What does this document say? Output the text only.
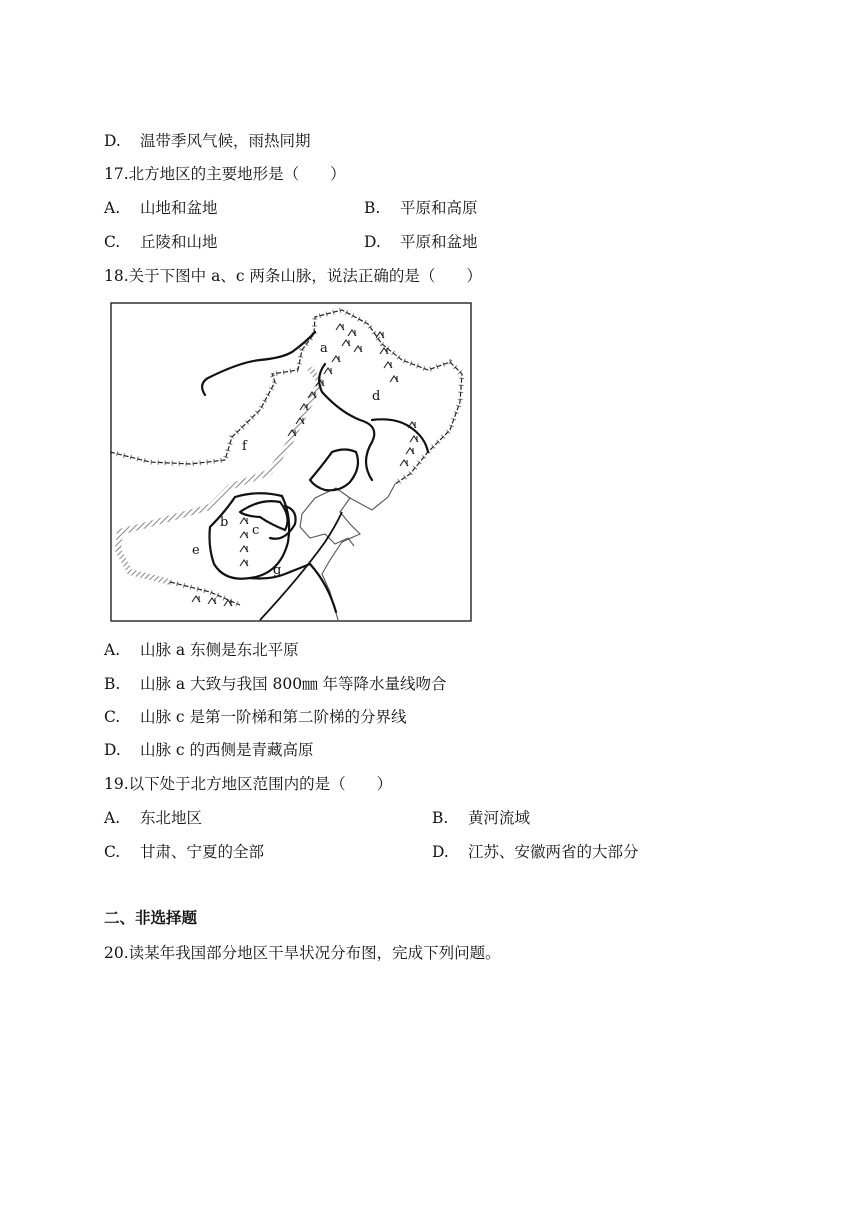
D. 温带季风气候，雨热同期
17.北方地区的主要地形是（　　）
A. 山地和盆地	B. 平原和高原
C. 丘陵和山地	D. 平原和盆地
18.关于下图中 a、c 两条山脉，说法正确的是（　　）
a
b
c
d
e
f
g
A. 山脉 a 东侧是东北平原
B. 山脉 a 大致与我国 800㎜ 年等降水量线吻合
C. 山脉 c 是第一阶梯和第二阶梯的分界线
D. 山脉 c 的西侧是青藏高原
19.以下处于北方地区范围内的是（　　）
A. 东北地区	B. 黄河流域
C. 甘肃、宁夏的全部	D. 江苏、安徽两省的大部分
二、非选择题
20.读某年我国部分地区干旱状况分布图，完成下列问题。
